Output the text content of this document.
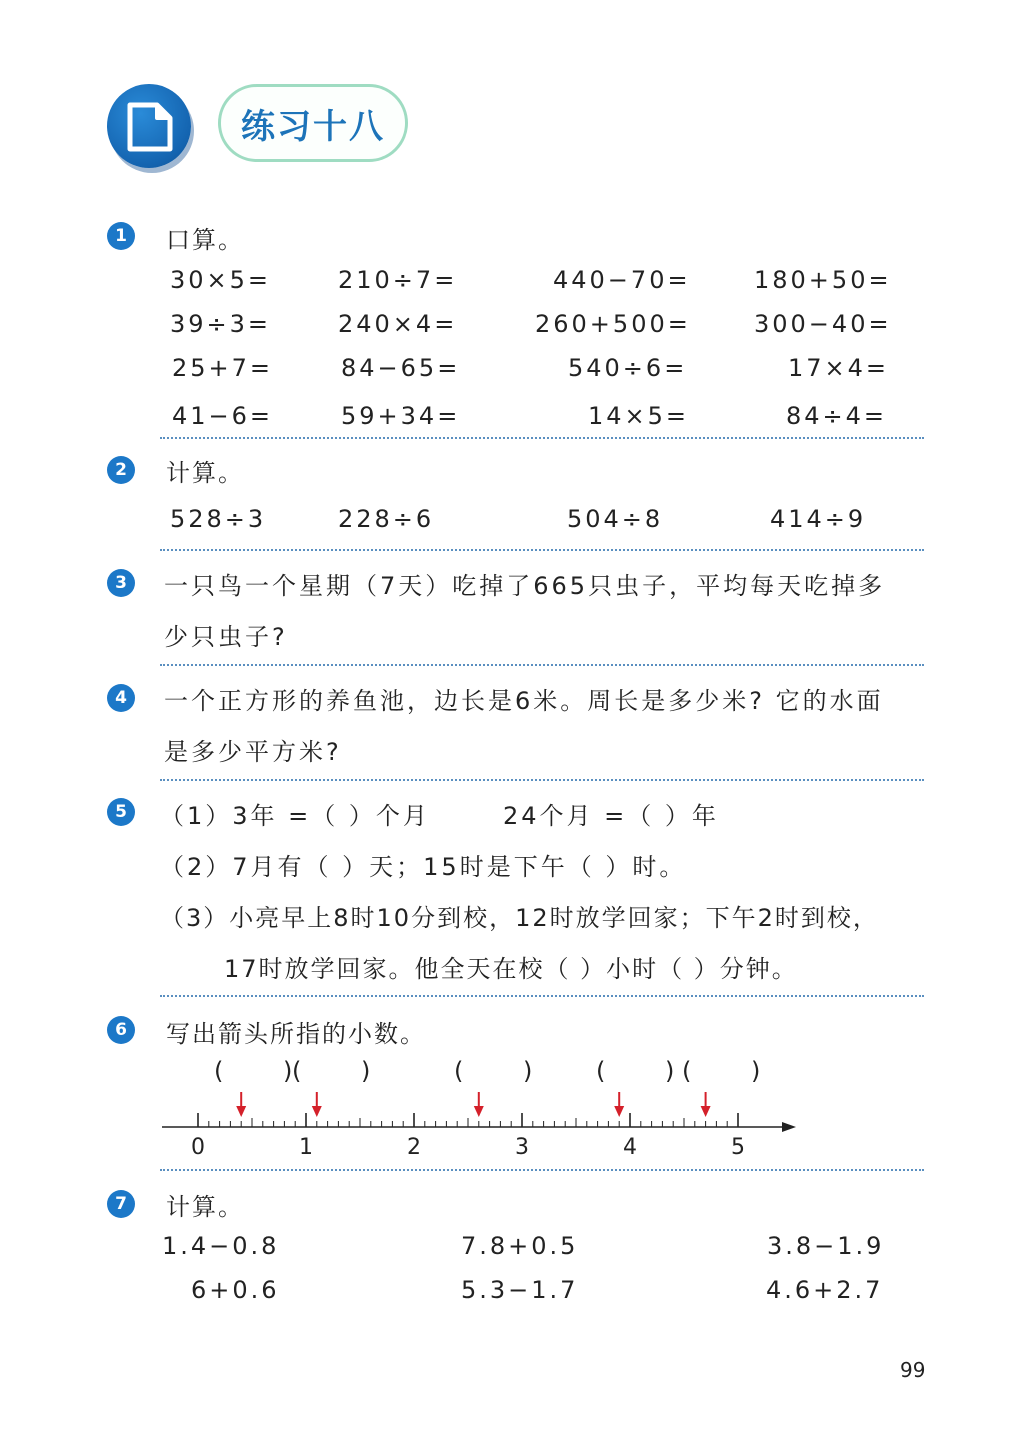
练习十八
1	口算。
30×5=	210÷7=	440−70=	180+50=
39÷3=	240×4=	260+500=	300−40=
25+7=	84−65=	540÷6=	17×4=
41−6=	59+34=	14×5=	84÷4=
2	计算。
528÷3	228÷6	504÷8	414÷9
3	一只鸟一个星期（7天）吃掉了665只虫子，平均每天吃掉多
少只虫子?
4	一个正方形的养鱼池，边长是6米。周长是多少米? 它的水面
是多少平方米?
5	（1）3年 =（ ）个月	24个月 =（ ）年
（2）7月有（ ）天；15时是下午（ ）时。
（3）小亮早上8时10分到校，12时放学回家；下午2时到校，
17时放学回家。他全天在校（ ）小时（ ）分钟。
6	写出箭头所指的小数。
( )
( ) ( ) ( )
( )
0	1	2	3	4	5
7	计算。
1.4−0.8	7.8+0.5	3.8−1.9
6+0.6	5.3−1.7	4.6+2.7
99
